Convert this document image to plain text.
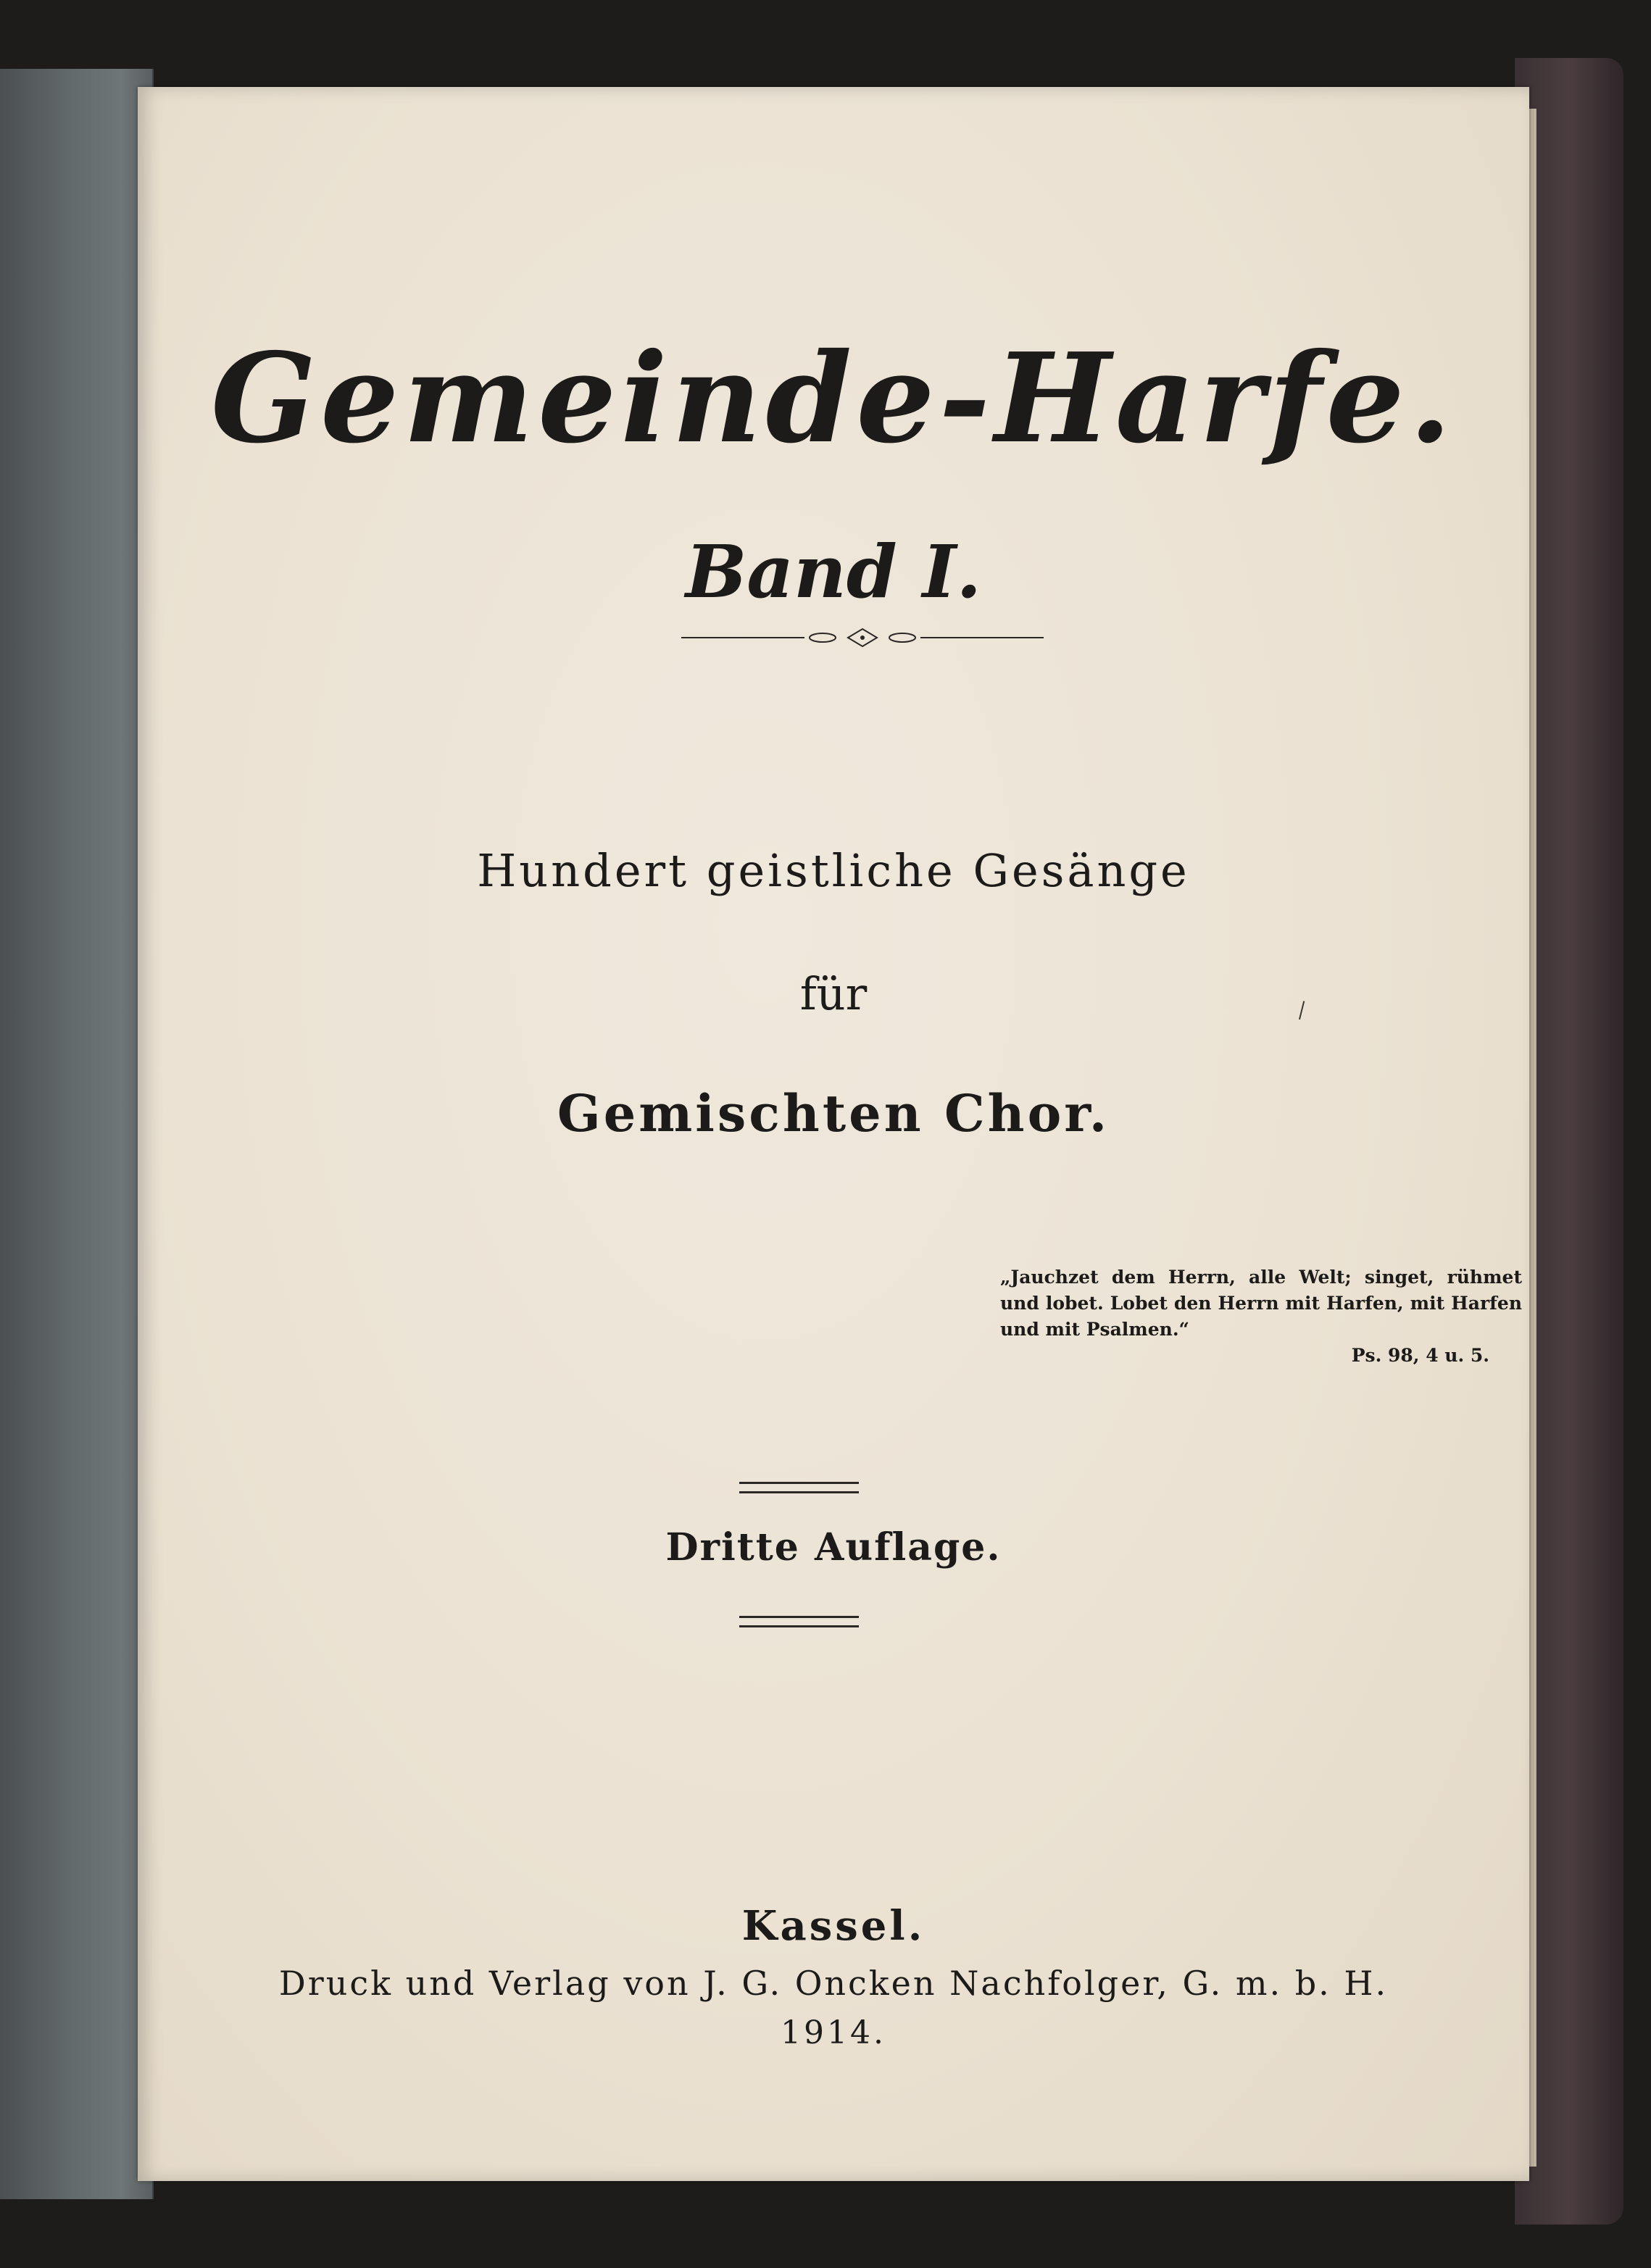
Gemeinde-Harfe.
Band I.
Hundert geistliche Gesänge
für
Gemischten Chor.
„Jauchzet dem Herrn, alle Welt; singet, rühmet und lobet. Lobet den Herrn mit Harfen, mit Harfen und mit Psalmen.“
Ps. 98, 4 u. 5.
Dritte Auflage.
Kassel.
Druck und Verlag von J. G. Oncken Nachfolger, G. m. b. H.
1914.
